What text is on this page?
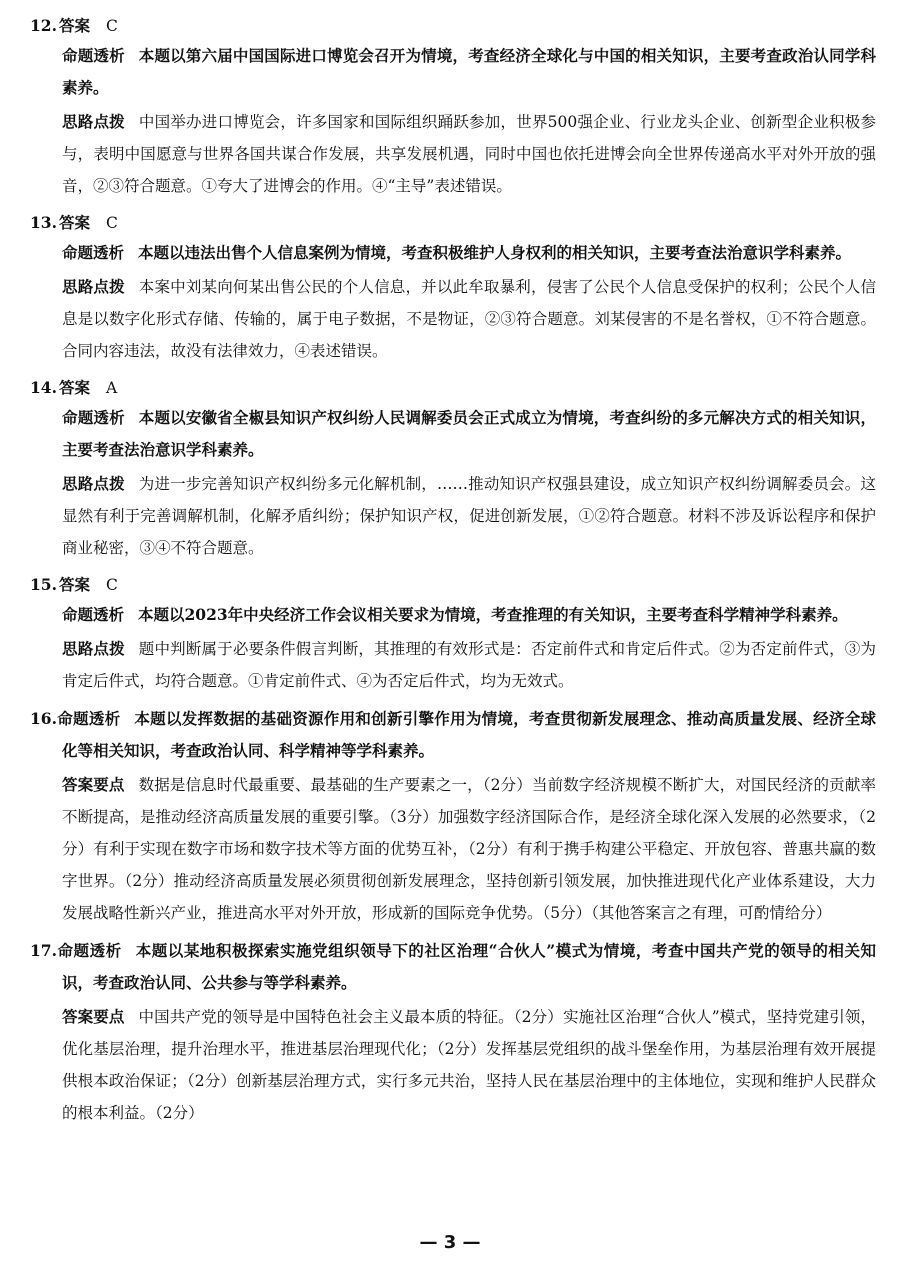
12. 答案 C
命题透析 本题以第六届中国国际进口博览会召开为情境，考查经济全球化与中国的相关知识，主要考查政治认同学科素养。
思路点拨 中国举办进口博览会，许多国家和国际组织踊跃参加，世界500强企业、行业龙头企业、创新型企业积极参与，表明中国愿意与世界各国共谋合作发展，共享发展机遇，同时中国也依托进博会向全世界传递高水平对外开放的强音，②③符合题意。①夸大了进博会的作用。④“主导”表述错误。
13. 答案 C
命题透析 本题以违法出售个人信息案例为情境，考查积极维护人身权利的相关知识，主要考查法治意识学科素养。
思路点拨 本案中刘某向何某出售公民的个人信息，并以此牟取暴利，侵害了公民个人信息受保护的权利；公民个人信息是以数字化形式存储、传输的，属于电子数据，不是物证，②③符合题意。刘某侵害的不是名誉权，①不符合题意。合同内容违法，故没有法律效力，④表述错误。
14. 答案 A
命题透析 本题以安徽省全椒县知识产权纠纷人民调解委员会正式成立为情境，考查纠纷的多元解决方式的相关知识，主要考查法治意识学科素养。
思路点拨 为进一步完善知识产权纠纷多元化解机制，……推动知识产权强县建设，成立知识产权纠纷调解委员会。这显然有利于完善调解机制，化解矛盾纠纷；保护知识产权，促进创新发展，①②符合题意。材料不涉及诉讼程序和保护商业秘密，③④不符合题意。
15. 答案 C
命题透析 本题以2023年中央经济工作会议相关要求为情境，考查推理的有关知识，主要考查科学精神学科素养。
思路点拨 题中判断属于必要条件假言判断，其推理的有效形式是：否定前件式和肯定后件式。②为否定前件式，③为肯定后件式，均符合题意。①肯定前件式、④为否定后件式，均为无效式。
16.命题透析 本题以发挥数据的基础资源作用和创新引擎作用为情境，考查贯彻新发展理念、推动高质量发展、经济全球化等相关知识，考查政治认同、科学精神等学科素养。
答案要点 数据是信息时代最重要、最基础的生产要素之一，（2分）当前数字经济规模不断扩大，对国民经济的贡献率不断提高，是推动经济高质量发展的重要引擎。（3分）加强数字经济国际合作，是经济全球化深入发展的必然要求，（2分）有利于实现在数字市场和数字技术等方面的优势互补，（2分）有利于携手构建公平稳定、开放包容、普惠共赢的数字世界。（2分）推动经济高质量发展必须贯彻创新发展理念，坚持创新引领发展，加快推进现代化产业体系建设，大力发展战略性新兴产业，推进高水平对外开放，形成新的国际竞争优势。（5分）（其他答案言之有理，可酌情给分）
17.命题透析 本题以某地积极探索实施党组织领导下的社区治理“合伙人”模式为情境，考查中国共产党的领导的相关知识，考查政治认同、公共参与等学科素养。
答案要点 中国共产党的领导是中国特色社会主义最本质的特征。（2分）实施社区治理“合伙人”模式，坚持党建引领，优化基层治理，提升治理水平，推进基层治理现代化；（2分）发挥基层党组织的战斗堡垒作用，为基层治理有效开展提供根本政治保证；（2分）创新基层治理方式，实行多元共治，坚持人民在基层治理中的主体地位，实现和维护人民群众的根本利益。（2分）
— 3 —
